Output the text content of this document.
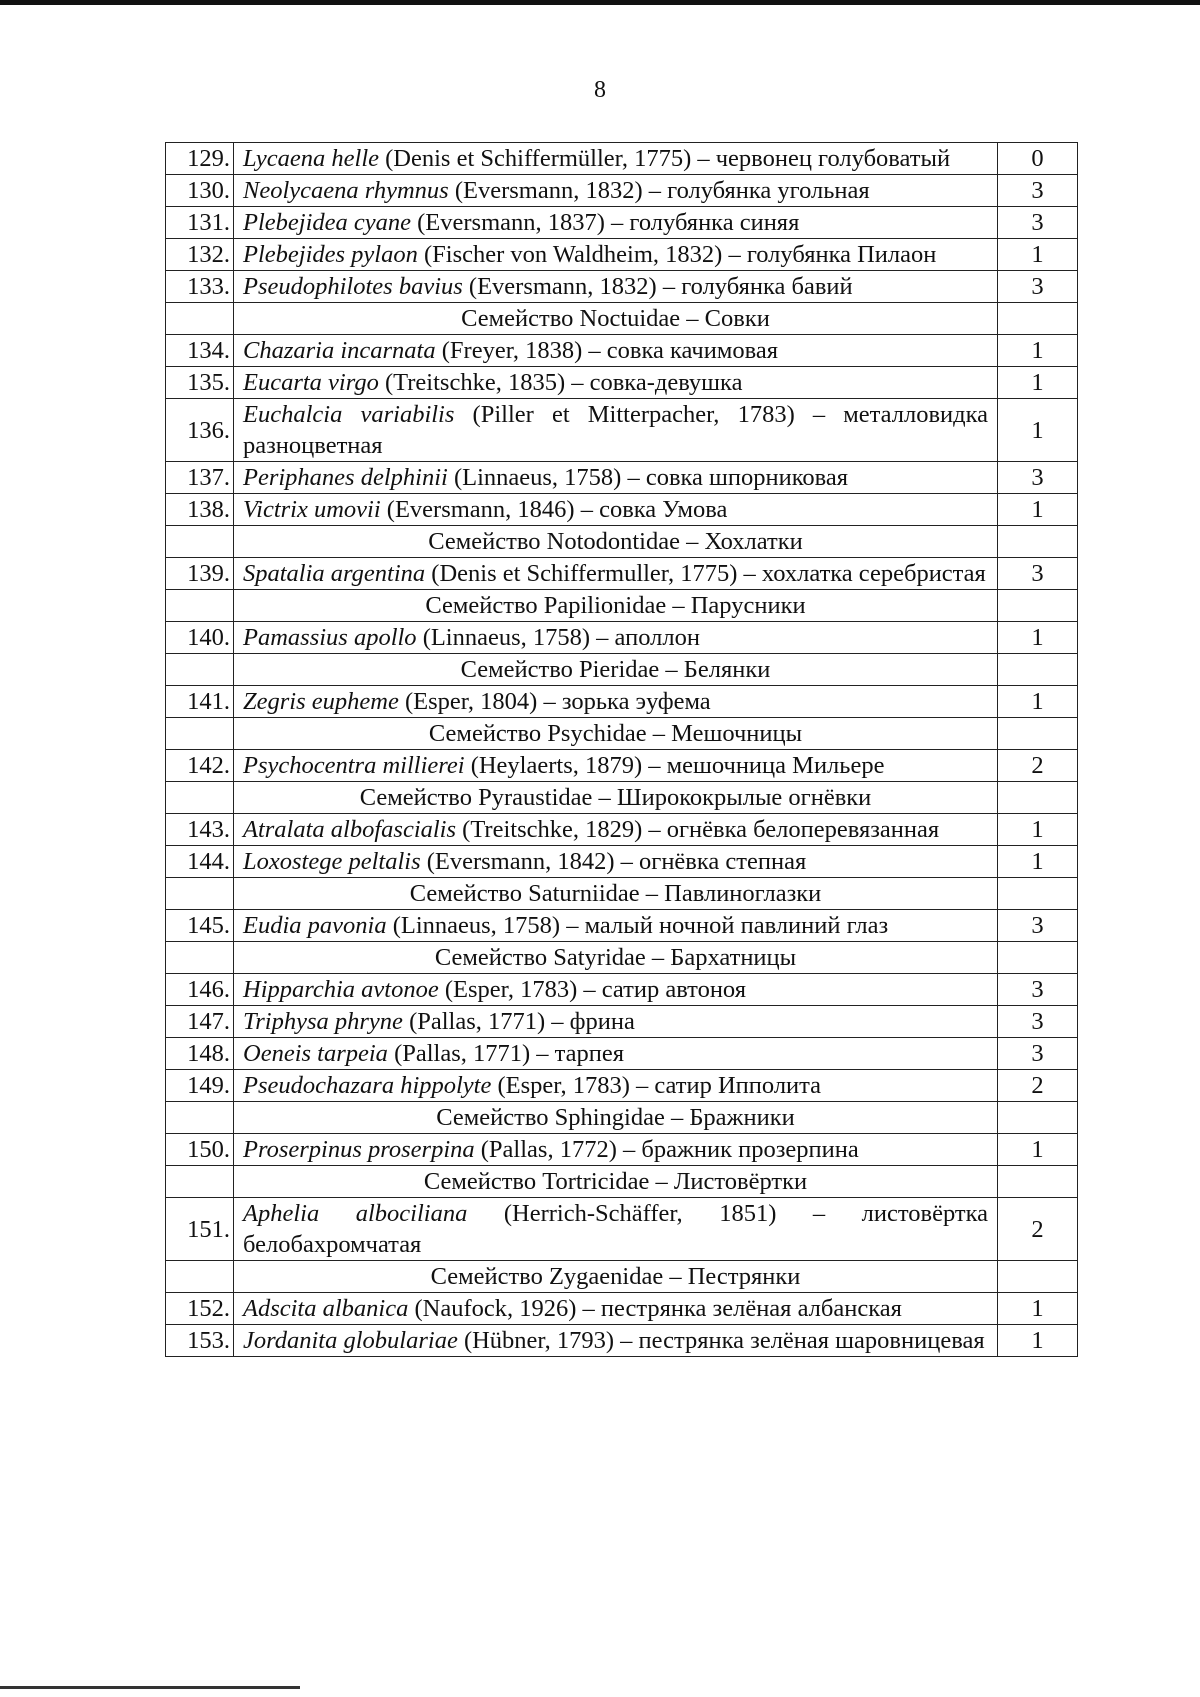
8
129.	Lycaena helle (Denis et Schiffermüller, 1775) – червонец голубоватый	0
130.	Neolycaena rhymnus (Eversmann, 1832) – голубянка угольная	3
131.	Plebejidea cyane (Eversmann, 1837) – голубянка синяя	3
132.	Plebejides pylaon (Fischer von Waldheim, 1832) – голубянка Пилаон	1
133.	Pseudophilotes bavius (Eversmann, 1832) – голубянка бавий	3
	Семейство Noctuidae – Совки	
134.	Chazaria incarnata (Freyer, 1838) – совка качимовая	1
135.	Eucarta virgo (Treitschke, 1835) – совка-девушка	1
136.	Euchalcia variabilis (Piller et Mitterpacher, 1783) – металловидка разноцветная	1
137.	Periphanes delphinii (Linnaeus, 1758) – совка шпорниковая	3
138.	Victrix umovii (Eversmann, 1846) – совка Умова	1
	Семейство Notodontidae – Хохлатки	
139.	Spatalia argentina (Denis et Schiffermuller, 1775) – хохлатка серебристая	3
	Семейство Papilionidae – Парусники	
140.	Pamassius apollo (Linnaeus, 1758) – аполлон	1
	Семейство Pieridae – Белянки	
141.	Zegris eupheme (Esper, 1804) – зорька эуфема	1
	Семейство Psychidae – Мешочницы	
142.	Psychocentra millierei (Heylaerts, 1879) – мешочница Мильере	2
	Семейство Pyraustidae – Ширококрылые огнёвки	
143.	Atralata albofascialis (Treitschke, 1829) – огнёвка белоперевязанная	1
144.	Loxostege peltalis (Eversmann, 1842) – огнёвка степная	1
	Семейство Saturniidae – Павлиноглазки	
145.	Eudia pavonia (Linnaeus, 1758) – малый ночной павлиний глаз	3
	Семейство Satyridae – Бархатницы	
146.	Hipparchia avtonoe (Esper, 1783) – сатир автоноя	3
147.	Triphysa phryne (Pallas, 1771) – фрина	3
148.	Oeneis tarpeia (Pallas, 1771) – тарпея	3
149.	Pseudochazara hippolyte (Esper, 1783) – сатир Ипполита	2
	Семейство Sphingidae – Бражники	
150.	Proserpinus proserpina (Pallas, 1772) – бражник прозерпина	1
	Семейство Tortricidae – Листовёртки	
151.	Aphelia albociliana (Herrich-Schäffer, 1851) – листовёртка белобахромчатая	2
	Семейство Zygaenidae – Пестрянки	
152.	Adscita albanica (Naufock, 1926) – пестрянка зелёная албанская	1
153.	Jordanita globulariae (Hübner, 1793) – пестрянка зелёная шаровницевая	1
